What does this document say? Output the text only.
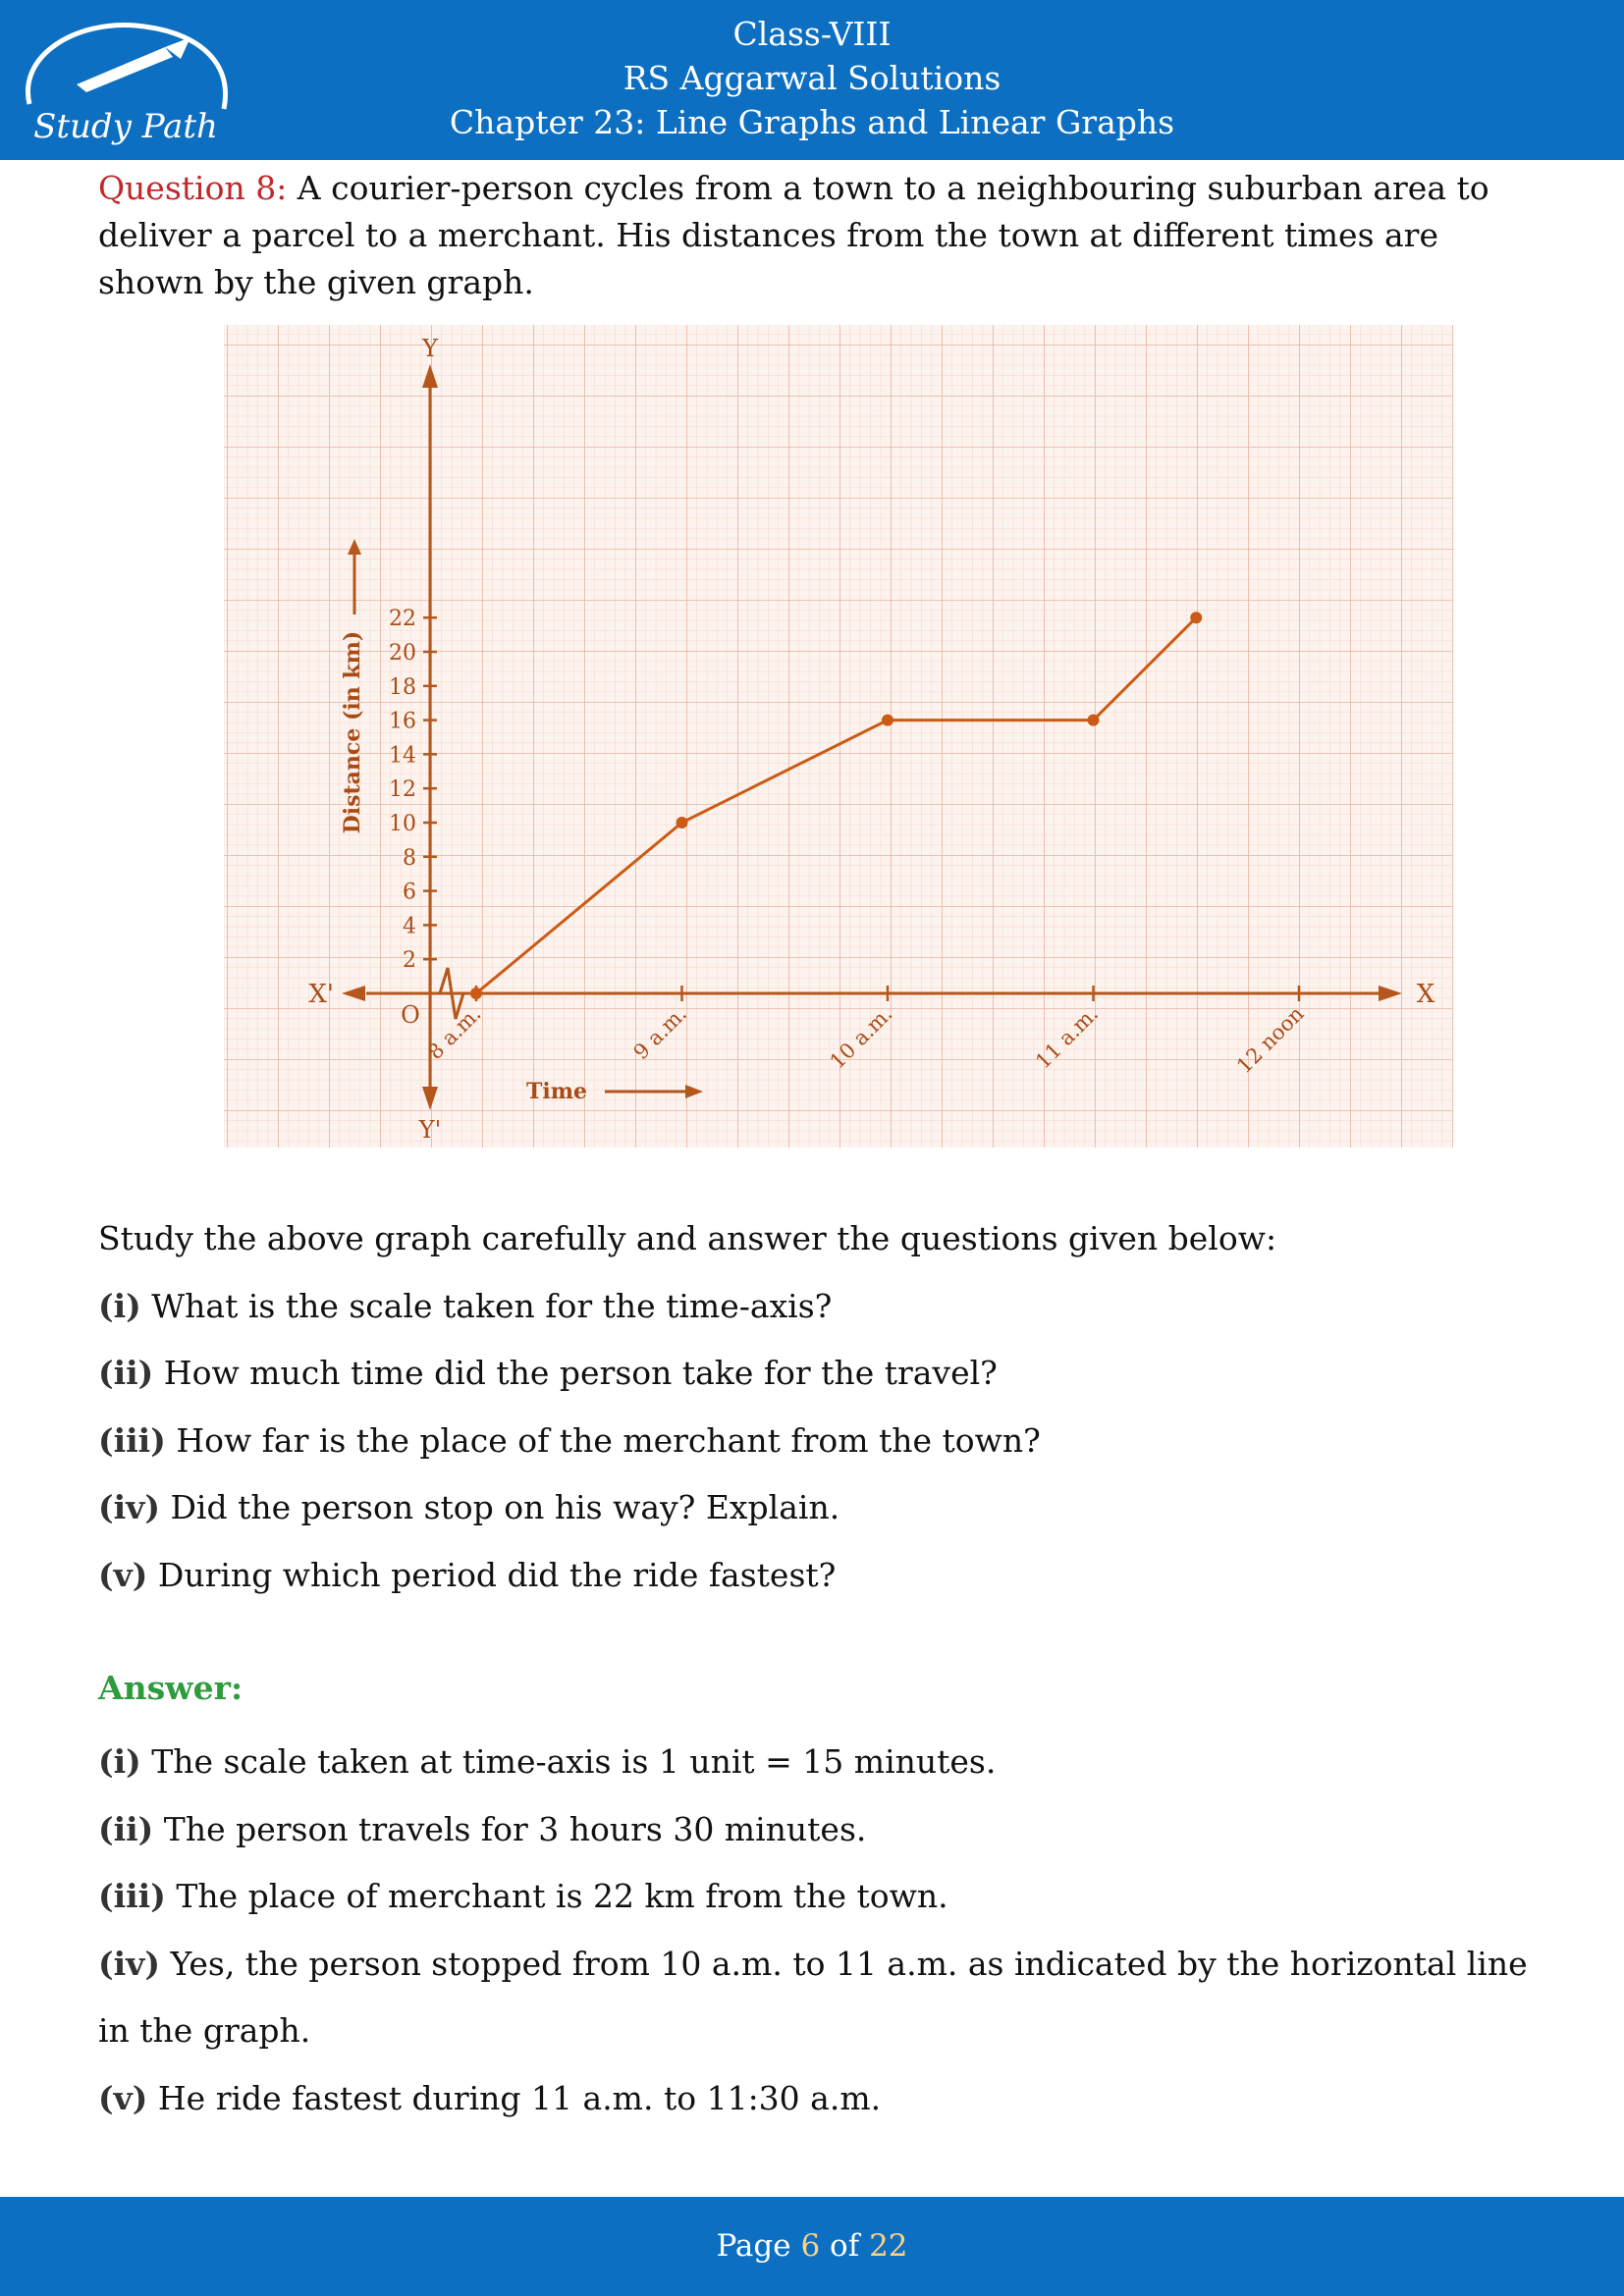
Study Path
Class-VIII
RS Aggarwal Solutions
Chapter 23: Line Graphs and Linear Graphs
Question 8: A courier-person cycles from a town to a neighbouring suburban area to deliver a parcel to a merchant. His distances from the town at different times are shown by the given graph.
2
4
6
8
10
12
14
16
18
20
22
8 a.m.	9 a.m.	10 a.m.	11 a.m.	12 noon
Y
Y'
X
X'
O
Distance (in km)
Time

Study the above graph carefully and answer the questions given below:

(i) What is the scale taken for the time-axis?

(ii) How much time did the person take for the travel?

(iii) How far is the place of the merchant from the town?

(iv) Did the person stop on his way? Explain.

(v) During which period did the ride fastest?

Answer:

(i) The scale taken at time-axis is 1 unit = 15 minutes.

(ii) The person travels for 3 hours 30 minutes.

(iii) The place of merchant is 22 km from the town.

(iv) Yes, the person stopped from 10 a.m. to 11 a.m. as indicated by the horizontal line

in the graph.

(v) He ride fastest during 11 a.m. to 11:30 a.m.

Page 6 of 22
